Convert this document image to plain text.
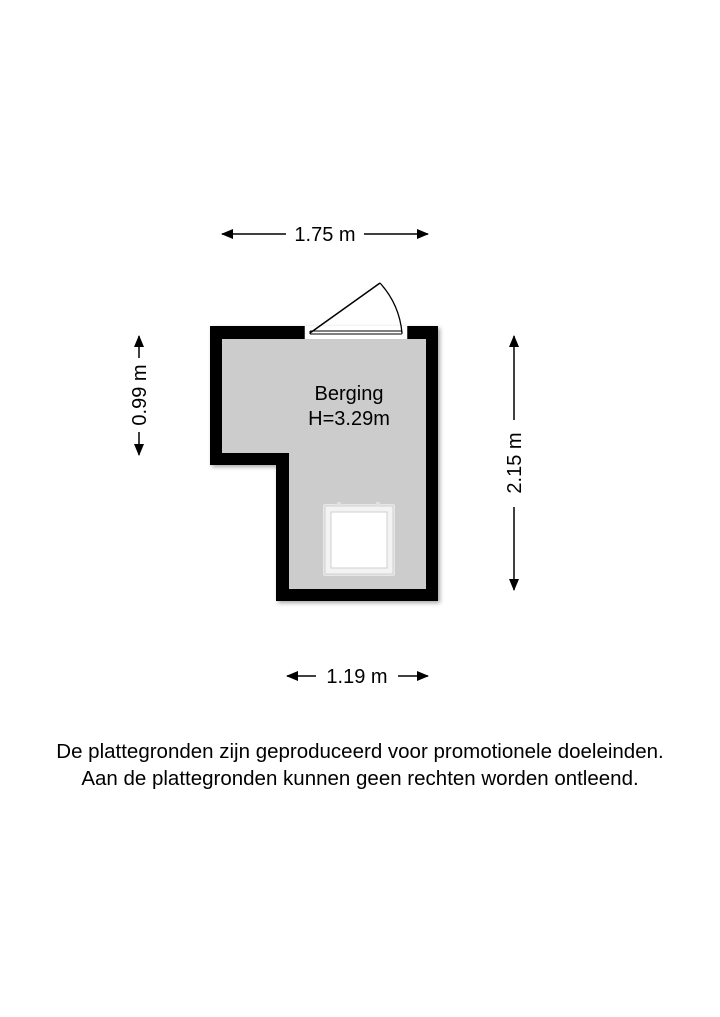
Berging
H=3.29m
1.75 m
0.99 m
2.15 m
1.19 m
De plattegronden zijn geproduceerd voor promotionele doeleinden.
Aan de plattegronden kunnen geen rechten worden ontleend.
